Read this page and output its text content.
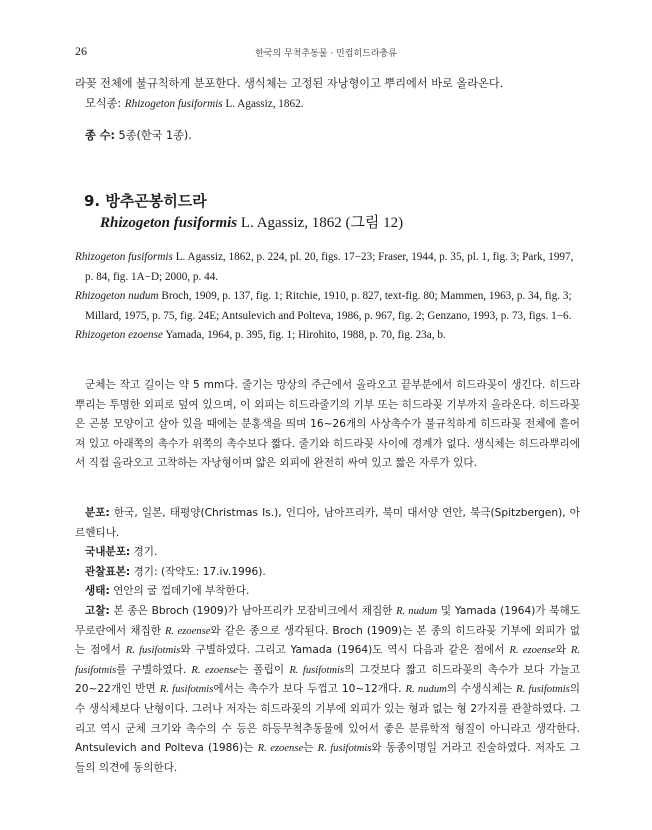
26	한국의 무척추동물 · 민컵히드라충류

라꽂 전체에 불규칙하게 분포한다. 생식체는 고정된 자낭형이고 뿌리에서 바로 올라온다.

모식종: Rhizogeton fusiformis L. Agassiz, 1862.

종 수: 5종(한국 1종).

9. 방추곤봉히드라
Rhizogeton fusiformis L. Agassiz, 1862 (그림 12)

Rhizogeton fusiformis L. Agassiz, 1862, p. 224, pl. 20, figs. 17−23; Fraser, 1944, p. 35, pl. 1, fig. 3; Park, 1997, p. 84, fig. 1A−D; 2000, p. 44.

Rhizogeton nudum Broch, 1909, p. 137, fig. 1; Ritchie, 1910, p. 827, text-fig. 80; Mammen, 1963, p. 34, fig. 3; Millard, 1975, p. 75, fig. 24E; Antsulevich and Polteva, 1986, p. 967, fig. 2; Genzano, 1993, p. 73, figs. 1−6.

Rhizogeton ezoense Yamada, 1964, p. 395, fig. 1; Hirohito, 1988, p. 70, fig. 23a, b.

군체는 작고 길이는 약 5 mm다. 줄기는 망상의 주근에서 올라오고 끝부분에서 히드라꽂이 생긴다. 히드라뿌리는 투명한 외피로 덮여 있으며, 이 외피는 히드라줄기의 기부 또는 히드라꽂 기부까지 올라온다. 히드라꽂은 곤봉 모양이고 살아 있을 때에는 분홍색을 띄며 16~26개의 사상촉수가 불규칙하게 히드라꽂 전체에 흩어져 있고 아래쪽의 촉수가 위쪽의 촉수보다 짧다. 줄기와 히드라꽂 사이에 경계가 없다. 생식체는 히드라뿌리에서 직접 올라오고 고착하는 자낭형이며 얇은 외피에 완전히 싸여 있고 짧은 자루가 있다.

분포: 한국, 일본, 태평양(Christmas Is.), 인디아, 남아프리카, 북미 대서양 연안, 북극(Spitzbergen), 아르헨티나.

국내분포: 경기.

관찰표본: 경기: (작약도: 17.iv.1996).

생태: 연안의 굴 껍데기에 부착한다.

고찰: 본 종은 Bbroch (1909)가 남아프리카 모잠비크에서 채집한 R. nudum 및 Yamada (1964)가 북해도 무로란에서 채집한 R. ezoense와 같은 종으로 생각된다. Broch (1909)는 본 종의 히드라꽂 기부에 외피가 없는 점에서 R. fusifotmis와 구별하였다. 그리고 Yamada (1964)도 역시 다음과 같은 점에서 R. ezoense와 R. fusifotmis를 구별하였다. R. ezoense는 폴립이 R. fusifotmis의 그것보다 짧고 히드라꽂의 촉수가 보다 가늘고 20~22개인 반면 R. fusifotmis에서는 촉수가 보다 두껍고 10~12개다. R. nudum의 수생식체는 R. fusifotmis의 수 생식체보다 난형이다. 그러나 저자는 히드라꽂의 기부에 외피가 있는 형과 없는 형 2가지를 관찰하였다. 그리고 역시 군체 크기와 촉수의 수 등은 하등무척추동물에 있어서 좋은 분류학적 형질이 아니라고 생각한다. Antsulevich and Polteva (1986)는 R. ezoense는 R. fusifotmis와 동종이명일 거라고 진술하였다. 저자도 그들의 의견에 동의한다.
